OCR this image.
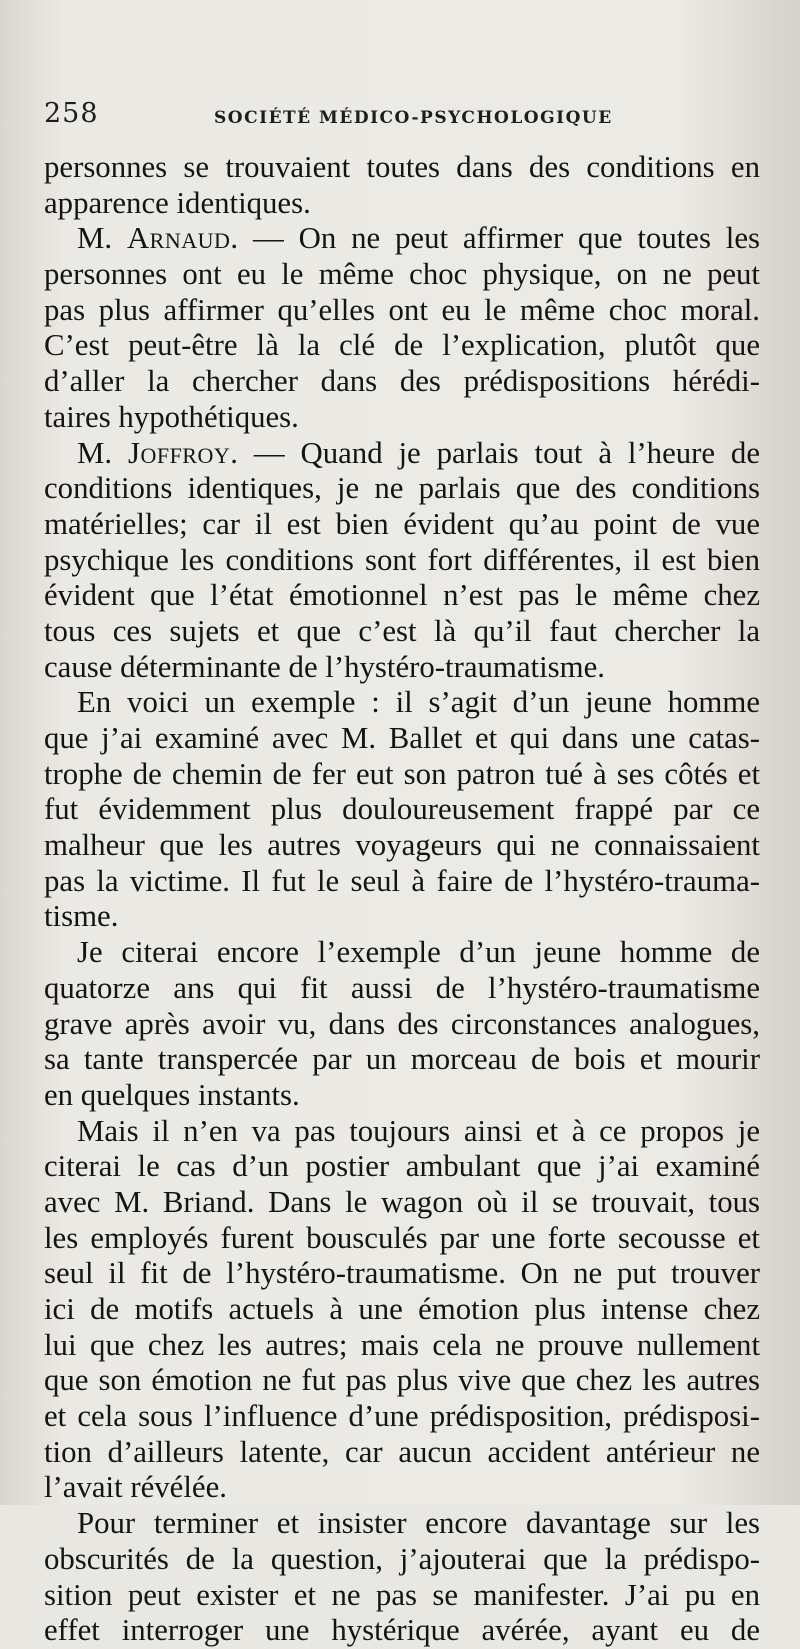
258	SOCIÉTÉ MÉDICO-PSYCHOLOGIQUE
personnes se trouvaient toutes dans des conditions en
apparence identiques.
M. Arnaud. — On ne peut affirmer que toutes les
personnes ont eu le même choc physique, on ne peut
pas plus affirmer qu’elles ont eu le même choc moral.
C’est peut-être là la clé de l’explication, plutôt que
d’aller la chercher dans des prédispositions hérédi-
taires hypothétiques.
M. Joffroy. — Quand je parlais tout à l’heure de
conditions identiques, je ne parlais que des conditions
matérielles; car il est bien évident qu’au point de vue
psychique les conditions sont fort différentes, il est bien
évident que l’état émotionnel n’est pas le même chez
tous ces sujets et que c’est là qu’il faut chercher la
cause déterminante de l’hystéro-traumatisme.
En voici un exemple : il s’agit d’un jeune homme
que j’ai examiné avec M. Ballet et qui dans une catas-
trophe de chemin de fer eut son patron tué à ses côtés et
fut évidemment plus douloureusement frappé par ce
malheur que les autres voyageurs qui ne connaissaient
pas la victime. Il fut le seul à faire de l’hystéro-trauma-
tisme.
Je citerai encore l’exemple d’un jeune homme de
quatorze ans qui fit aussi de l’hystéro-traumatisme
grave après avoir vu, dans des circonstances analogues,
sa tante transpercée par un morceau de bois et mourir
en quelques instants.
Mais il n’en va pas toujours ainsi et à ce propos je
citerai le cas d’un postier ambulant que j’ai examiné
avec M. Briand. Dans le wagon où il se trouvait, tous
les employés furent bousculés par une forte secousse et
seul il fit de l’hystéro-traumatisme. On ne put trouver
ici de motifs actuels à une émotion plus intense chez
lui que chez les autres; mais cela ne prouve nullement
que son émotion ne fut pas plus vive que chez les autres
et cela sous l’influence d’une prédisposition, prédisposi-
tion d’ailleurs latente, car aucun accident antérieur ne
l’avait révélée.
Pour terminer et insister encore davantage sur les
obscurités de la question, j’ajouterai que la prédispo-
sition peut exister et ne pas se manifester. J’ai pu en
effet interroger une hystérique avérée, ayant eu de
